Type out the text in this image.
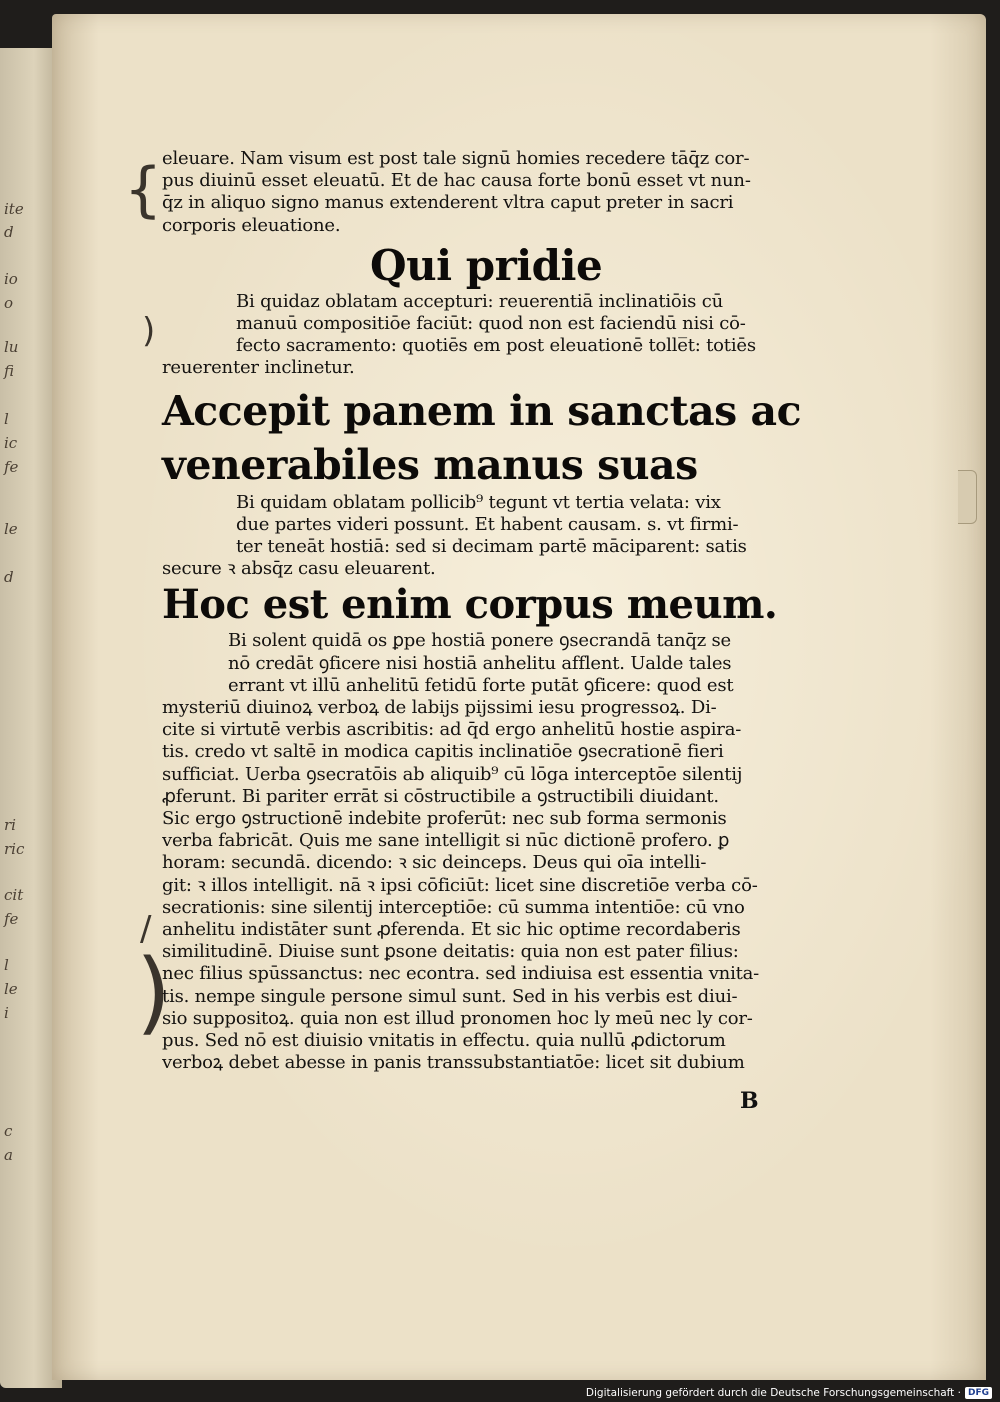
ite
d
io
o
lu
fi
l
ic
fe
le
d
ri
ric
cit
fe
l
le
i
c
a
{
)
/
)
eleuare. Nam visum est post tale signū homies recedere tāq̄z cor-
pus diuinū esset eleuatū. Et de hac causa forte bonū esset vt nun-
q̄z in aliquo signo manus extenderent vltra caput preter in sacri
corporis eleuatione.
Qui pridie
Bi quidaz oblatam accepturi: reuerentiā inclinatiōis cū
manuū compositiōe faciūt: quod non est faciendū nisi cō-
fecto sacramento: quotiēs em post eleuationē tolle̅t: totiēs
reuerenter inclinetur.
Accepit panem in sanctas ac
venerabiles manus suas
Bi quidam oblatam pollicib⁹ tegunt vt tertia velata: vix
due partes videri possunt. Et habent causam. s. vt firmi-
ter teneāt hostiā: sed si decimam partē māciparent: satis
secure ꝛ absq̄z casu eleuarent.
Hoc est enim corpus meum.
Bi solent quidā os ꝑpe hostiā ponere ꝯsecrandā tanq̄z se
nō credāt ꝯficere nisi hostiā anhelitu afflent. Ualde tales
errant vt illū anhelitū fetidū forte putāt ꝯficere: quod est
mysteriū diuinoꝝ verboꝝ de labijs pijssimi iesu progressoꝝ. Di-
cite si virtutē verbis ascribitis: ad q̄d ergo anhelitū hostie aspira-
tis. credo vt saltē in modica capitis inclinatiōe ꝯsecrationē fieri
sufficiat. Uerba ꝯsecratōis ab aliquib⁹ cū lōga interceptōe silentij
ꝓferunt. Bi pariter errāt si cōstructibile a ꝯstructibili diuidant.
Sic ergo ꝯstructionē indebite proferūt: nec sub forma sermonis
verba fabricāt. Quis me sane intelligit si nūc dictionē profero. ꝑ
horam: secundā. dicendo: ꝛ sic deinceps. Deus qui oīa intelli-
git: ꝛ illos intelligit. nā ꝛ ipsi cōficiūt: licet sine discretiōe verba cō-
secrationis: sine silentij interceptiōe: cū summa intentiōe: cū vno
anhelitu indistāter sunt ꝓferenda. Et sic hic optime recordaberis
similitudinē. Diuise sunt ꝑsone deitatis: quia non est pater filius:
nec filius spūssanctus: nec econtra. sed indiuisa est essentia vnita-
tis. nempe singule persone simul sunt. Sed in his verbis est diui-
sio suppositoꝝ. quia non est illud pronomen hoc ly meū nec ly cor-
pus. Sed nō est diuisio vnitatis in effectu. quia nullū ꝓdictorum
verboꝝ debet abesse in panis transsubstantiatōe: licet sit dubium
B
Digitalisierung gefördert durch die Deutsche Forschungsgemeinschaft · DFG
